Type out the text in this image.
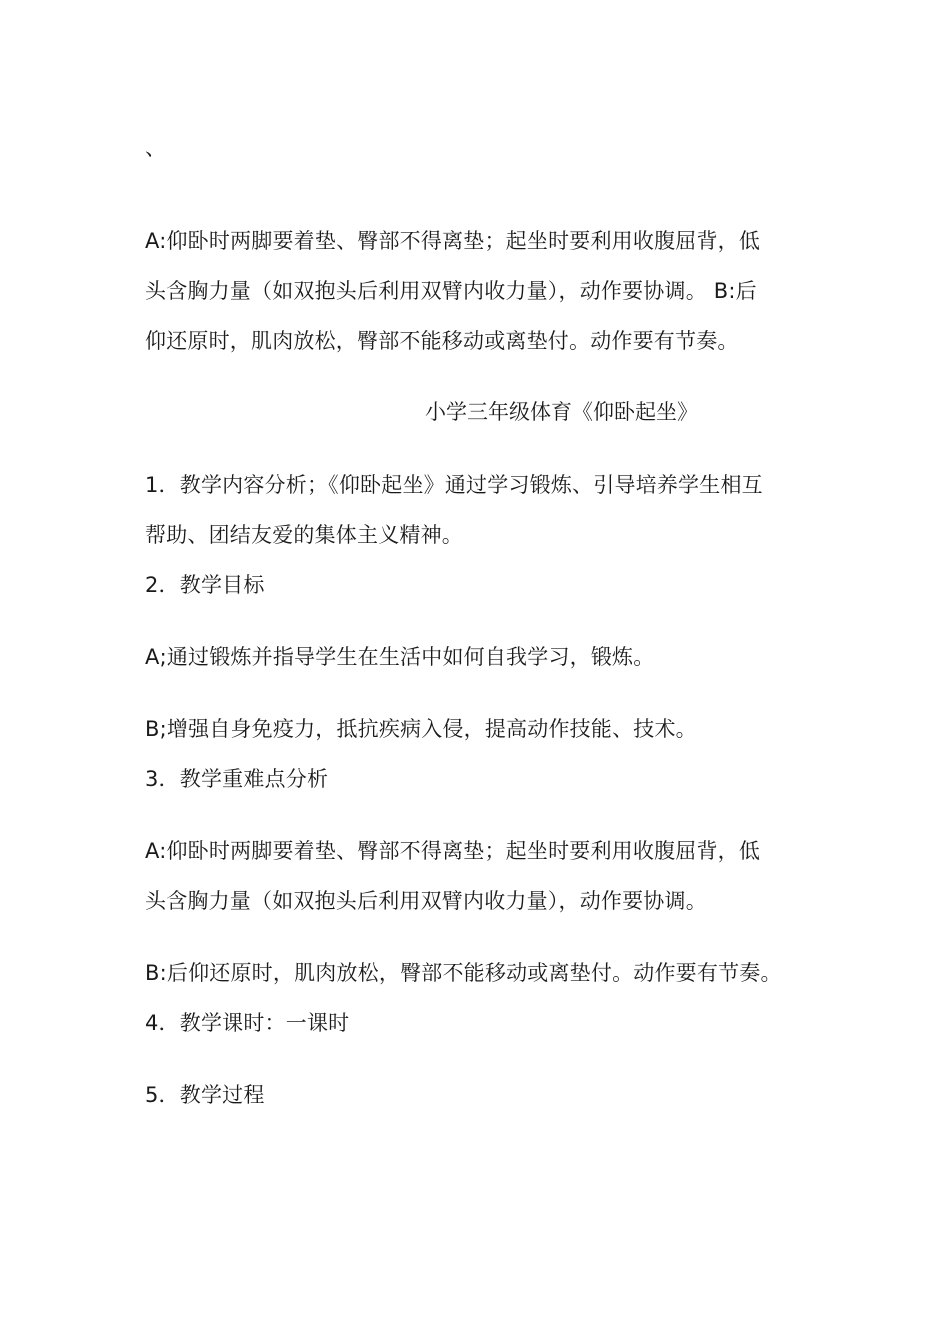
、
A:仰卧时两脚要着垫、臀部不得离垫；起坐时要利用收腹屈背，低
头含胸力量（如双抱头后利用双臂内收力量），动作要协调。 B:后
仰还原时，肌肉放松，臀部不能移动或离垫付。动作要有节奏。
小学三年级体育《仰卧起坐》
1．教学内容分析；《仰卧起坐》通过学习锻炼、引导培养学生相互
帮助、团结友爱的集体主义精神。
2．教学目标
A;通过锻炼并指导学生在生活中如何自我学习，锻炼。
B;增强自身免疫力，抵抗疾病入侵，提高动作技能、技术。
3．教学重难点分析
A:仰卧时两脚要着垫、臀部不得离垫；起坐时要利用收腹屈背，低
头含胸力量（如双抱头后利用双臂内收力量），动作要协调。
B:后仰还原时，肌肉放松，臀部不能移动或离垫付。动作要有节奏。
4．教学课时：一课时
5．教学过程
